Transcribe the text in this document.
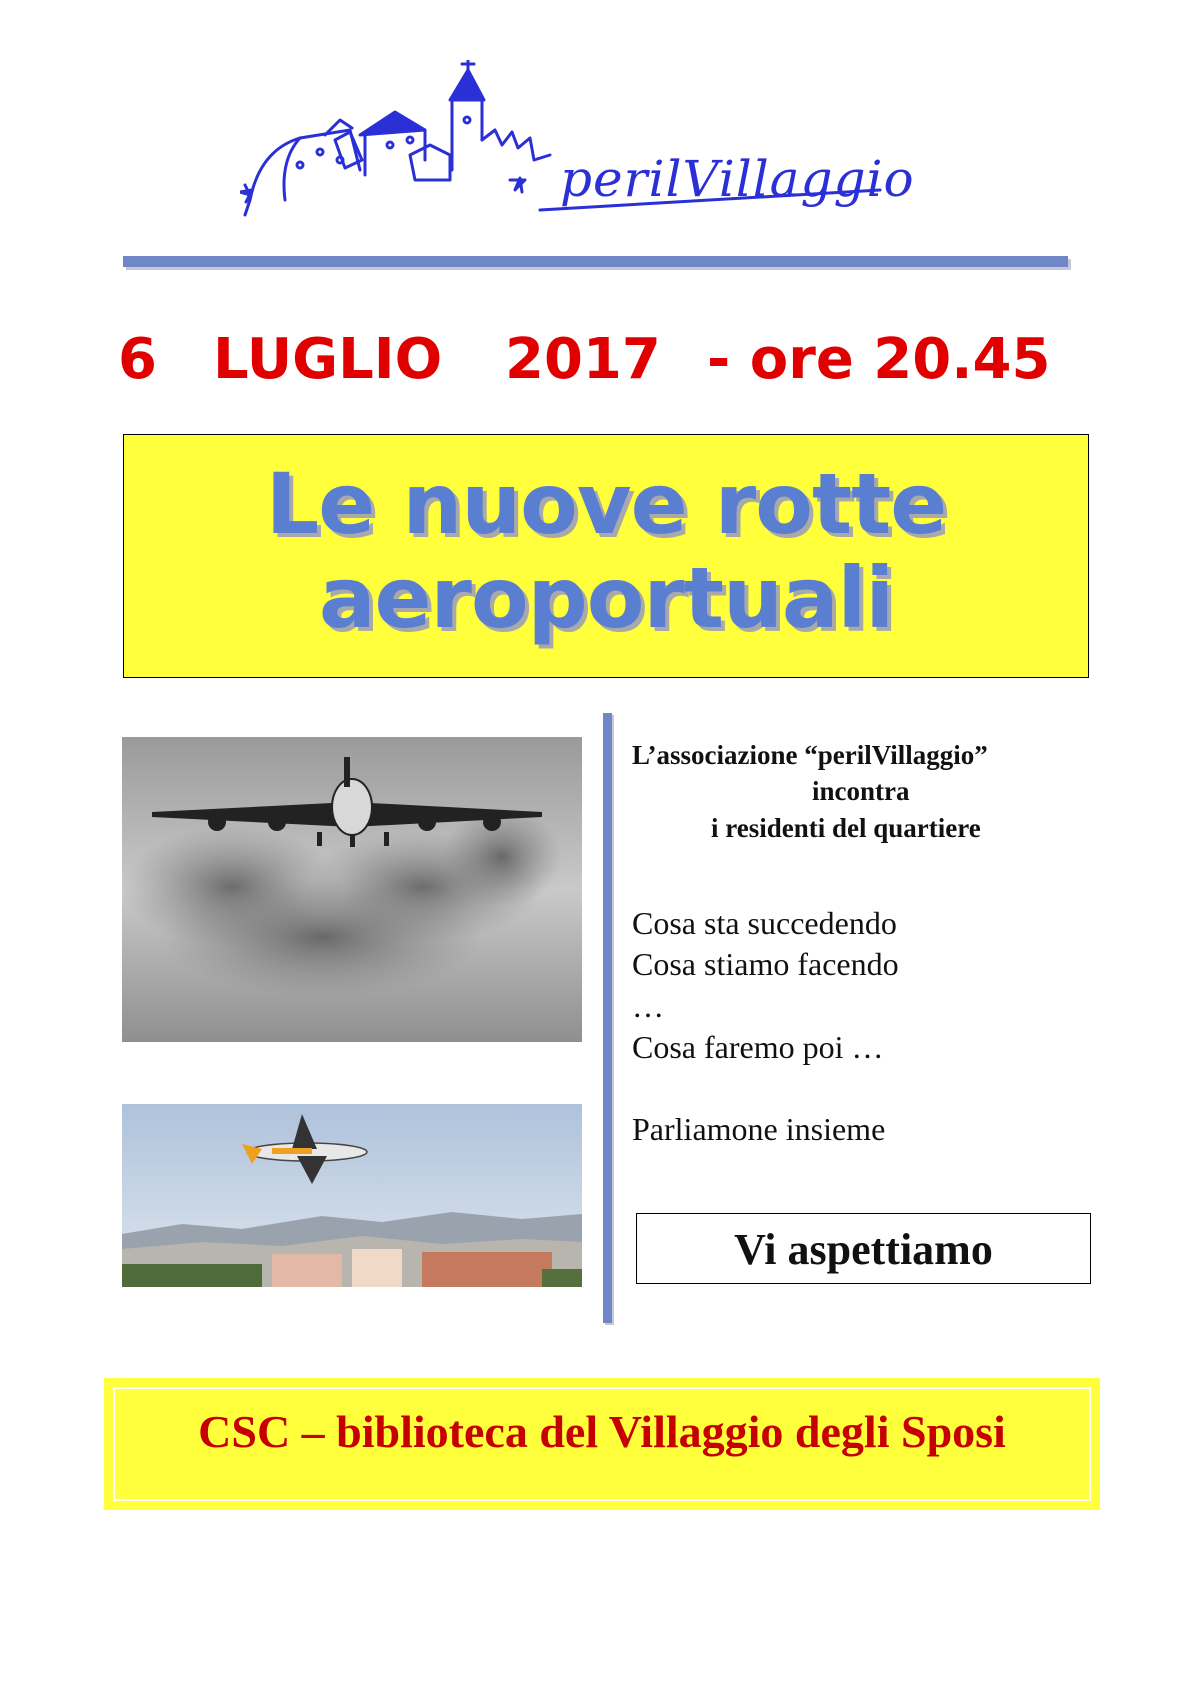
perilVillaggio
6 LUGLIO 2017 - ore 20.45
Le nuove rotte
aeroportuali
L’associazione “perilVillaggio”
incontra
i residenti del quartiere
Cosa sta succedendo
Cosa stiamo facendo
…
Cosa faremo poi …
Parliamone insieme
Vi aspettiamo
CSC – biblioteca del Villaggio degli Sposi
